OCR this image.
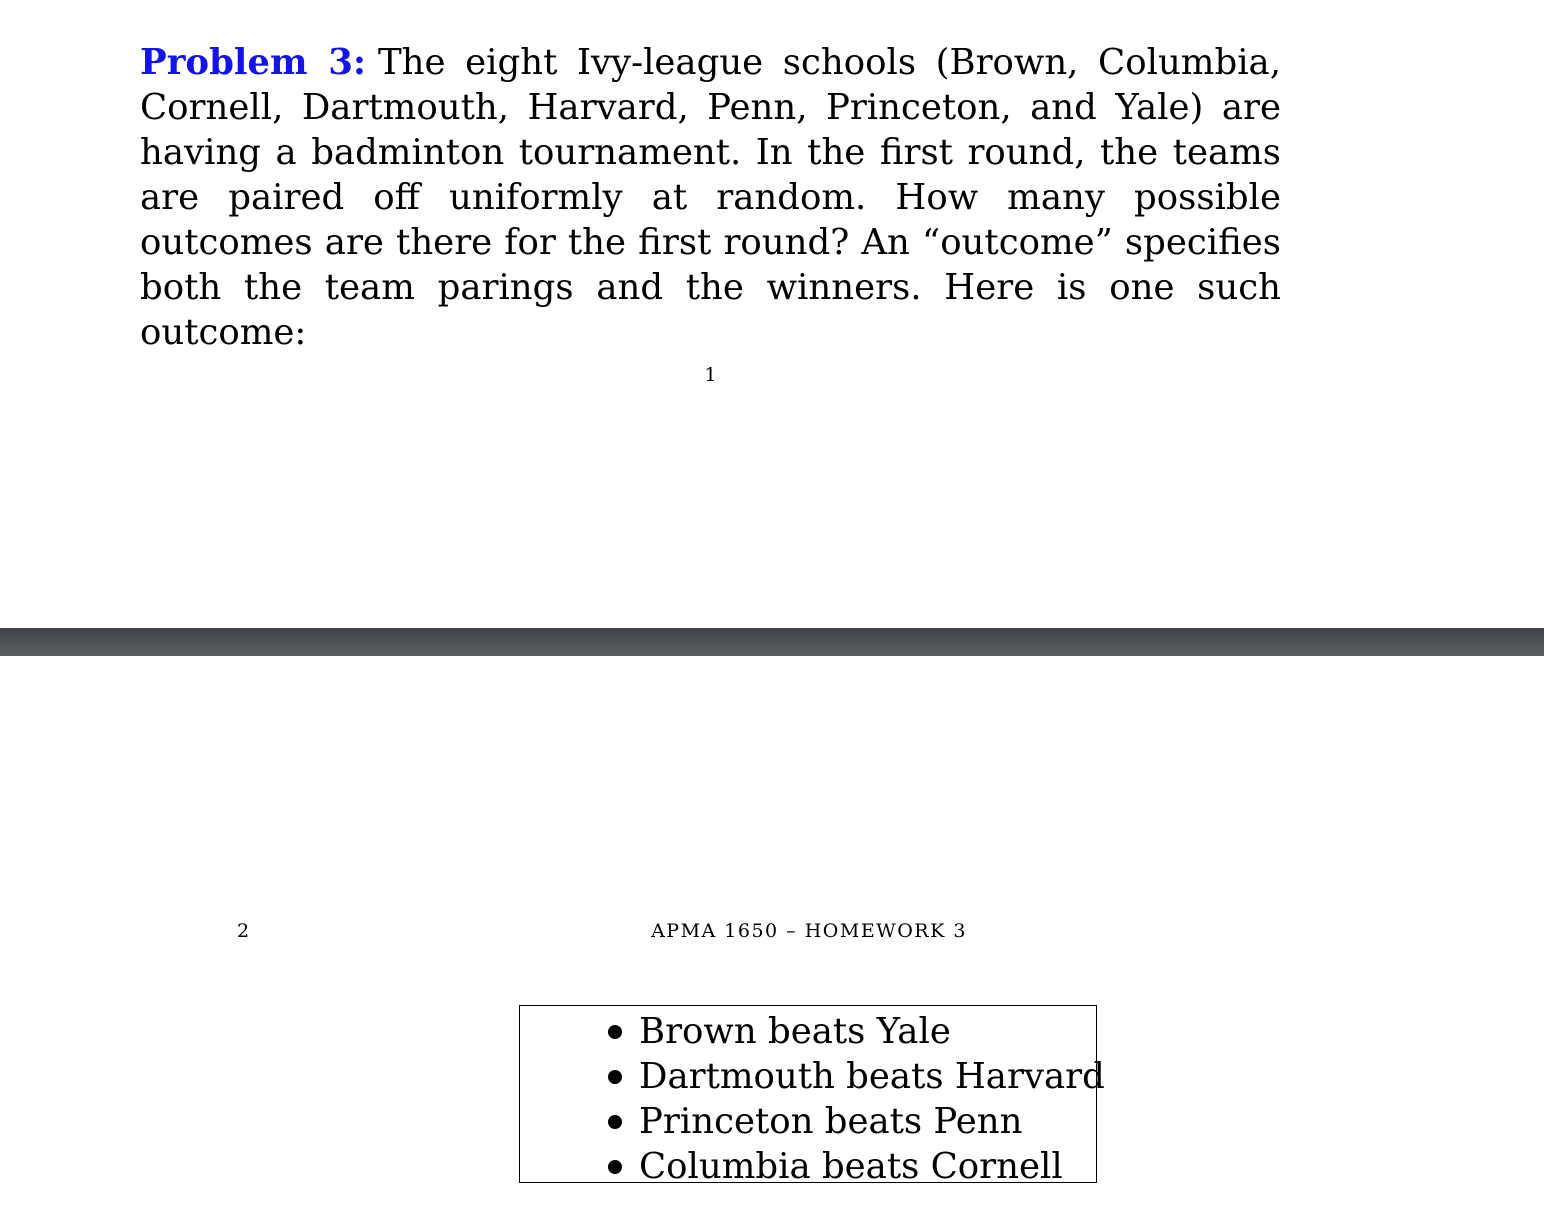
Problem 3: The eight Ivy-league schools (Brown, Columbia, Cornell, Dartmouth, Harvard, Penn, Princeton, and Yale) are having a badminton tournament. In the first round, the teams are paired off uniformly at random. How many possible outcomes are there for the first round? An “outcome” specifies both the team parings and the winners. Here is one such outcome:

1
2	APMA 1650 – HOMEWORK 3
Brown beats Yale
Dartmouth beats Harvard
Princeton beats Penn
Columbia beats Cornell
